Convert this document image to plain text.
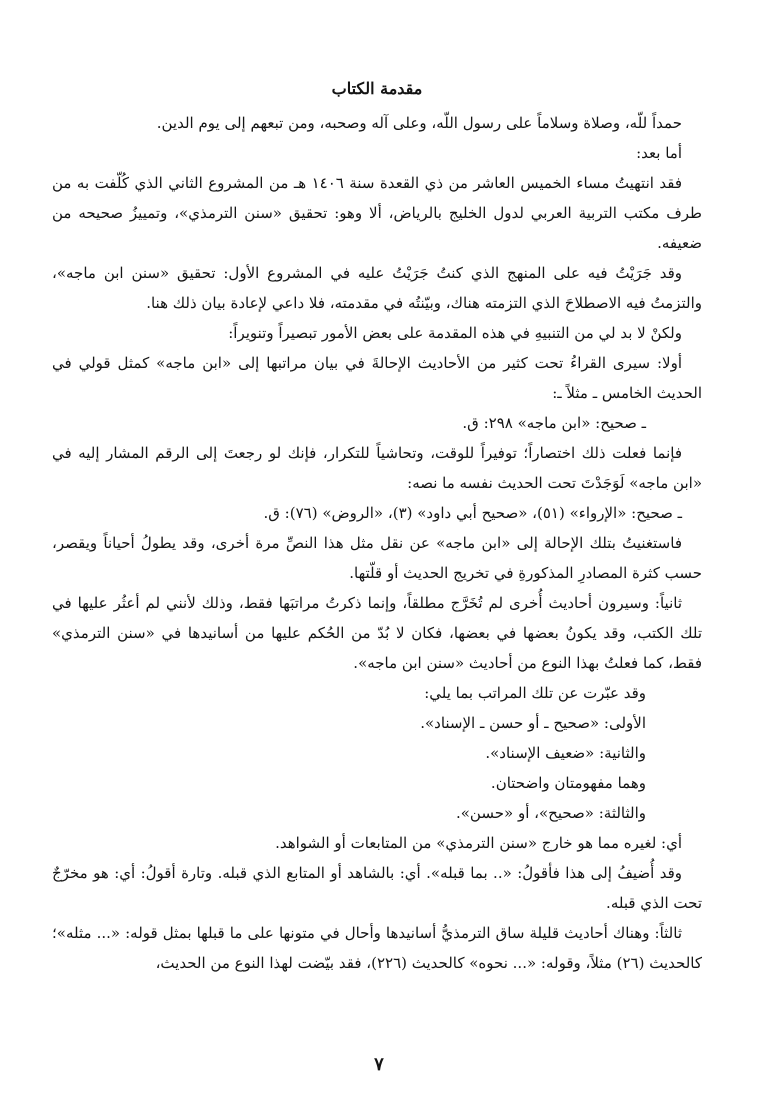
مقدمة الكتاب

حمداً للّه، وصلاة وسلاماً على رسول اللّه، وعلى آله وصحبه، ومن تبعهم إلى يوم الدين.

أما بعد:

فقد انتهيتُ مساء الخميس العاشر من ذي القعدة سنة ١٤٠٦ هـ من المشروع الثاني الذي كُلّفت به من طرف مكتب التربية العربي لدول الخليج بالرياض، ألا وهو: تحقيق «سنن الترمذي»، وتمييزُ صحيحه من ضعيفه.

وقد جَرَيْتُ فيه على المنهج الذي كنتُ جَرَيْتُ عليه في المشروع الأول: تحقيق «سنن ابن ماجه»، والتزمتُ فيه الاصطلاحَ الذي التزمته هناك، وبيّنتُه في مقدمته، فلا داعي لإعادة بيان ذلك هنا.

ولكنْ لا بد لي من التنبيهِ في هذه المقدمة على بعض الأمور تبصيراً وتنويراً:

أولا: سيرى القراءُ تحت كثير من الأحاديث الإحالةَ في بيان مراتبها إلى «ابن ماجه» كمثل قولي في الحديث الخامس ـ مثلاً ـ:

ـ صحيح: «ابن ماجه» ٢٩٨: ق.

فإنما فعلت ذلك اختصاراً؛ توفيراً للوقت، وتحاشياً للتكرار، فإنك لو رجعتَ إلى الرقم المشار إليه في «ابن ماجه» لَوَجَدْتَ تحت الحديث نفسه ما نصه:

ـ صحيح: «الإرواء» (٥١)، «صحيح أبي داود» (٣)، «الروض» (٧٦): ق.

فاستغنيتُ بتلك الإحالة إلى «ابن ماجه» عن نقل مثل هذا النصِّ مرة أخرى، وقد يطولُ أحياناً ويقصر، حسب كثرة المصادرِ المذكورةِ في تخريج الحديث أو قلّتها.

ثانياً: وسيرون أحاديث أُخرى لم تُخَرَّج مطلقاً، وإنما ذكرتُ مراتبَها فقط، وذلك لأنني لم أعثُر عليها في تلك الكتب، وقد يكونُ بعضها في بعضها، فكان لا بُدّ من الحُكم عليها من أسانيدها في «سنن الترمذي» فقط، كما فعلتُ بهذا النوع من أحاديث «سنن ابن ماجه».

وقد عبّرت عن تلك المراتب بما يلي:

الأولى: «صحيح ـ أو حسن ـ الإسناد».

والثانية: «ضعيف الإسناد».

وهما مفهومتان واضحتان.

والثالثة: «صحيح»، أو «حسن».

أي: لغيره مما هو خارج «سنن الترمذي» من المتابعات أو الشواهد.

وقد أُضيفُ إلى هذا فأقولُ: «.. بما قبله». أي: بالشاهد أو المتابع الذي قبله. وتارة أقولُ: أي: هو مخرّجٌ تحت الذي قبله.

ثالثاً: وهناك أحاديث قليلة ساق الترمذيُّ أسانيدها وأحال في متونها على ما قبلها بمثل قوله: «... مثله»؛ كالحديث (٢٦) مثلاً، وقوله: «... نحوه» كالحديث (٢٢٦)، فقد بيّضت لهذا النوع من الحديث،

٧
